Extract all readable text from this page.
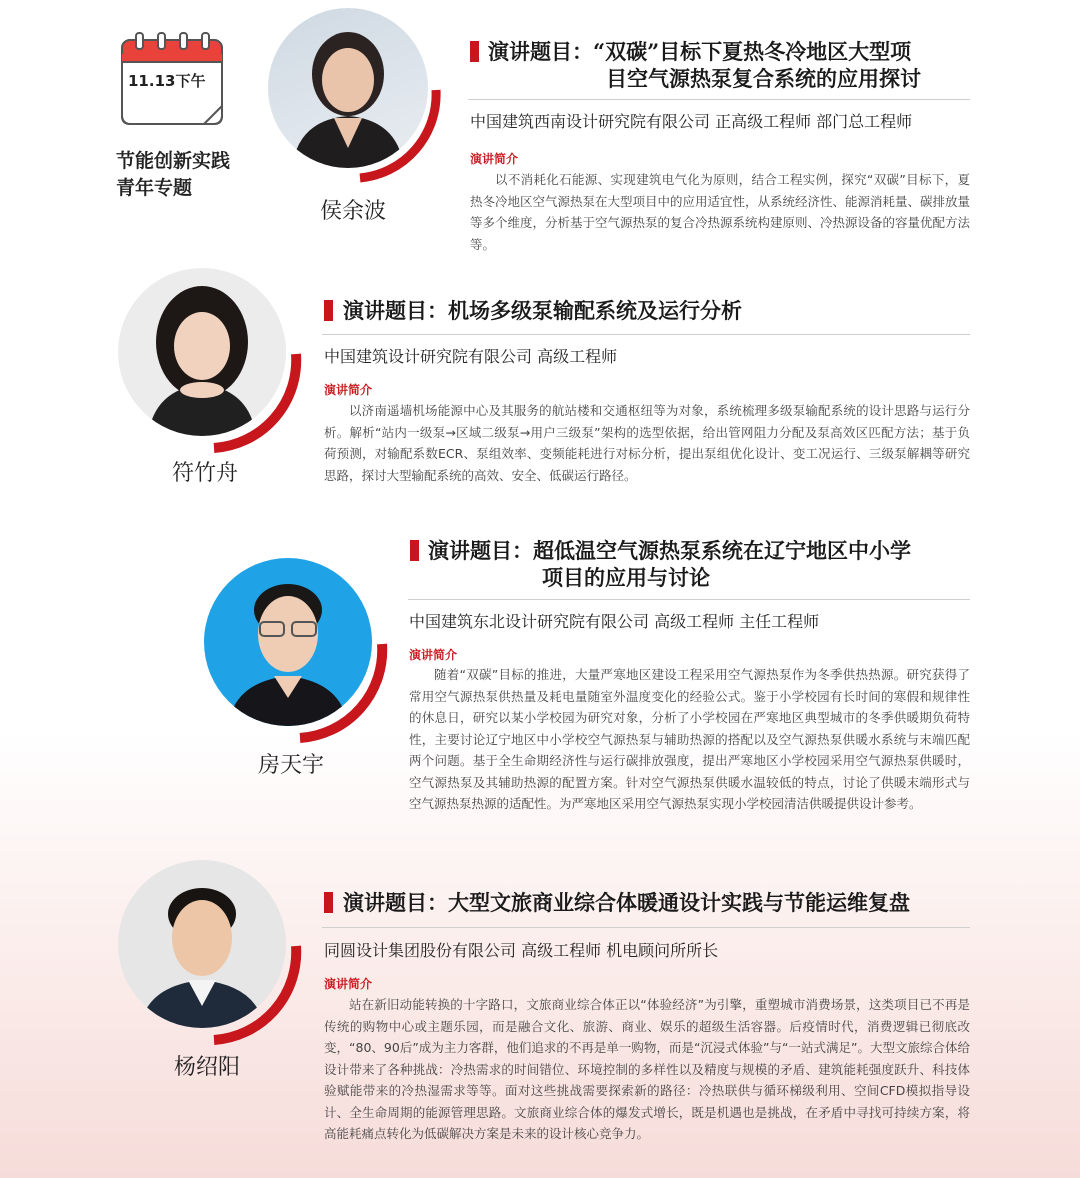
11.13下午
节能创新实践
青年专题
侯余波
演讲题目：“双碳”目标下夏热冬冷地区大型项
目空气源热泵复合系统的应用探讨
中国建筑西南设计研究院有限公司 正高级工程师 部门总工程师
演讲简介
以不消耗化石能源、实现建筑电气化为原则，结合工程实例，探究“双碳”目标下，夏热冬冷地区空气源热泵在大型项目中的应用适宜性，从系统经济性、能源消耗量、碳排放量等多个维度，分析基于空气源热泵的复合冷热源系统构建原则、冷热源设备的容量优配方法等。
符竹舟
演讲题目：机场多级泵输配系统及运行分析
中国建筑设计研究院有限公司 高级工程师
演讲简介
以济南遥墙机场能源中心及其服务的航站楼和交通枢纽等为对象，系统梳理多级泵输配系统的设计思路与运行分析。解析“站内一级泵→区域二级泵→用户三级泵”架构的选型依据，给出管网阻力分配及泵高效区匹配方法；基于负荷预测，对输配系数ECR、泵组效率、变频能耗进行对标分析，提出泵组优化设计、变工况运行、三级泵解耦等研究思路，探讨大型输配系统的高效、安全、低碳运行路径。
房天宇
演讲题目：超低温空气源热泵系统在辽宁地区中小学
项目的应用与讨论
中国建筑东北设计研究院有限公司 高级工程师 主任工程师
演讲简介
随着“双碳”目标的推进，大量严寒地区建设工程采用空气源热泵作为冬季供热热源。研究获得了常用空气源热泵供热量及耗电量随室外温度变化的经验公式。鉴于小学校园有长时间的寒假和规律性的休息日，研究以某小学校园为研究对象，分析了小学校园在严寒地区典型城市的冬季供暖期负荷特性，主要讨论辽宁地区中小学校空气源热泵与辅助热源的搭配以及空气源热泵供暖水系统与末端匹配两个问题。基于全生命期经济性与运行碳排放强度，提出严寒地区小学校园采用空气源热泵供暖时，空气源热泵及其辅助热源的配置方案。针对空气源热泵供暖水温较低的特点，讨论了供暖末端形式与空气源热泵热源的适配性。为严寒地区采用空气源热泵实现小学校园清洁供暖提供设计参考。
杨绍阳
演讲题目：大型文旅商业综合体暖通设计实践与节能运维复盘
同圆设计集团股份有限公司 高级工程师 机电顾问所所长
演讲简介
站在新旧动能转换的十字路口，文旅商业综合体正以“体验经济”为引擎，重塑城市消费场景，这类项目已不再是传统的购物中心或主题乐园，而是融合文化、旅游、商业、娱乐的超级生活容器。后疫情时代，消费逻辑已彻底改变，“80、90后”成为主力客群，他们追求的不再是单一购物，而是“沉浸式体验”与“一站式满足”。大型文旅综合体给设计带来了各种挑战：冷热需求的时间错位、环境控制的多样性以及精度与规模的矛盾、建筑能耗强度跃升、科技体验赋能带来的冷热湿需求等等。面对这些挑战需要探索新的路径：冷热联供与循环梯级利用、空间CFD模拟指导设计、全生命周期的能源管理思路。文旅商业综合体的爆发式增长，既是机遇也是挑战，在矛盾中寻找可持续方案，将高能耗痛点转化为低碳解决方案是未来的设计核心竞争力。
